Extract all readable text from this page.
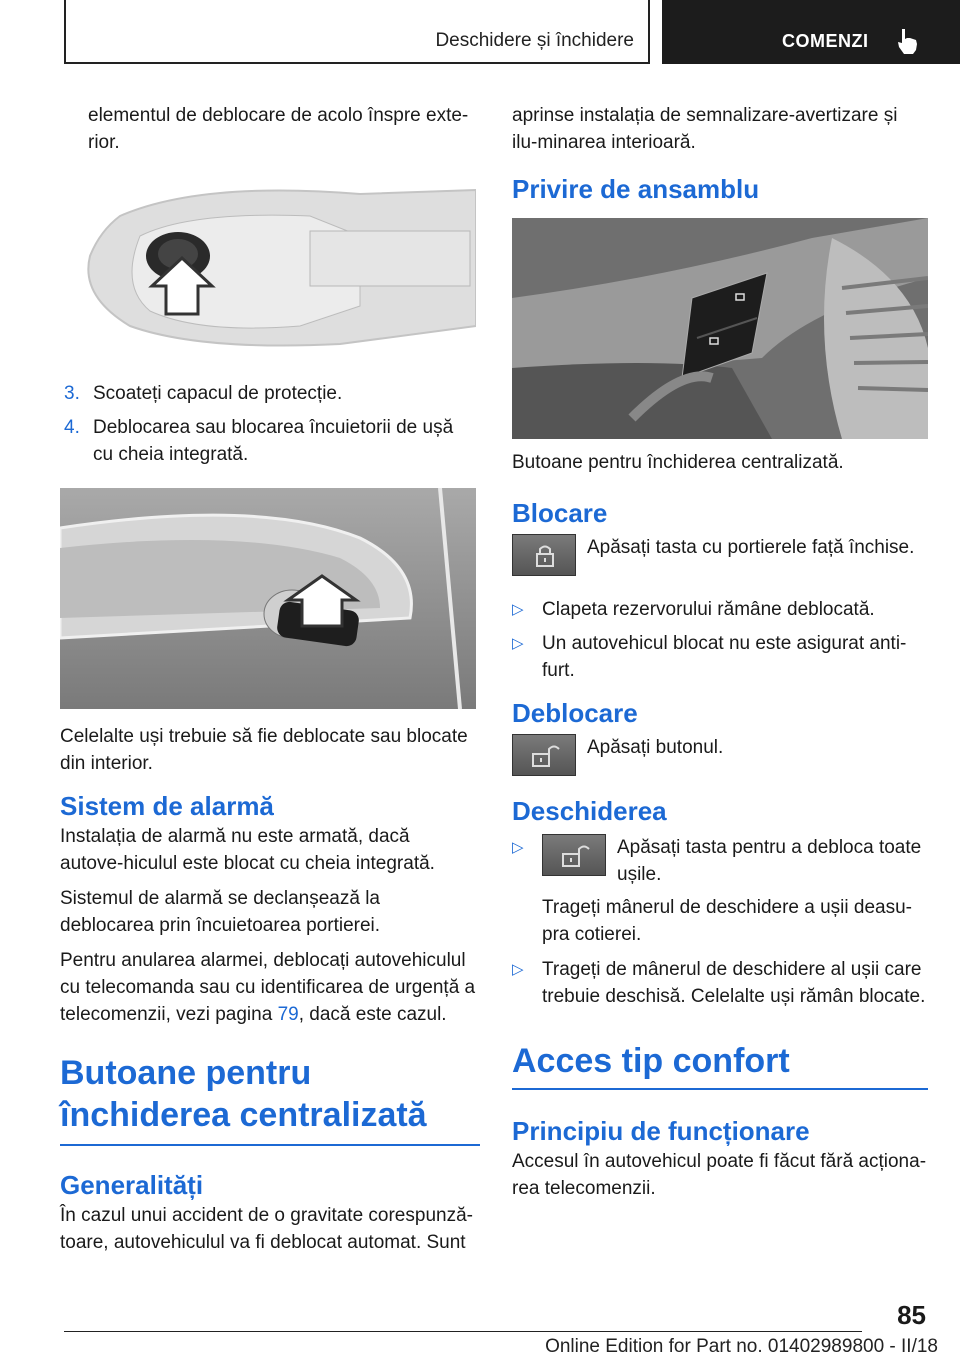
Deschidere și închidere	COMENZI

elementul de deblocare de acolo înspre exte-rior.

3. Scoateți capacul de protecție.
4. Deblocarea sau blocarea încuietorii de ușă cu cheia integrată.

Celelalte uși trebuie să fie deblocate sau blocate din interior.

Sistem de alarmă

Instalația de alarmă nu este armată, dacă autove-hiculul este blocat cu cheia integrată.

Sistemul de alarmă se declanșează la deblocarea prin încuietoarea portierei.

Pentru anularea alarmei, deblocați autovehiculul cu telecomanda sau cu identificarea de urgență a telecomenzii, vezi pagina 79, dacă este cazul.

Butoane pentru închiderea centralizată
Generalități

În cazul unui accident de o gravitate corespunză-toare, autovehiculul va fi deblocat automat. Sunt

aprinse instalația de semnalizare-avertizare și ilu-minarea interioară.

Privire de ansamblu

Butoane pentru închiderea centralizată.

Blocare
Apăsați tasta cu portierele față închise.
▷ Clapeta rezervorului rămâne deblocată.
▷ Un autovehicul blocat nu este asigurat anti-furt.
Deblocare
Apăsați butonul.
Deschiderea
▷	Apăsați tasta pentru a debloca toate ușile.

Trageți mânerul de deschidere a ușii deasu-pra cotierei.

▷ Trageți de mânerul de deschidere al ușii care trebuie deschisă. Celelalte uși rămân blocate.
Acces tip confort
Principiu de funcționare

Accesul în autovehicul poate fi făcut fără acționa-rea telecomenzii.

85
Online Edition for Part no. 01402989800 - II/18
